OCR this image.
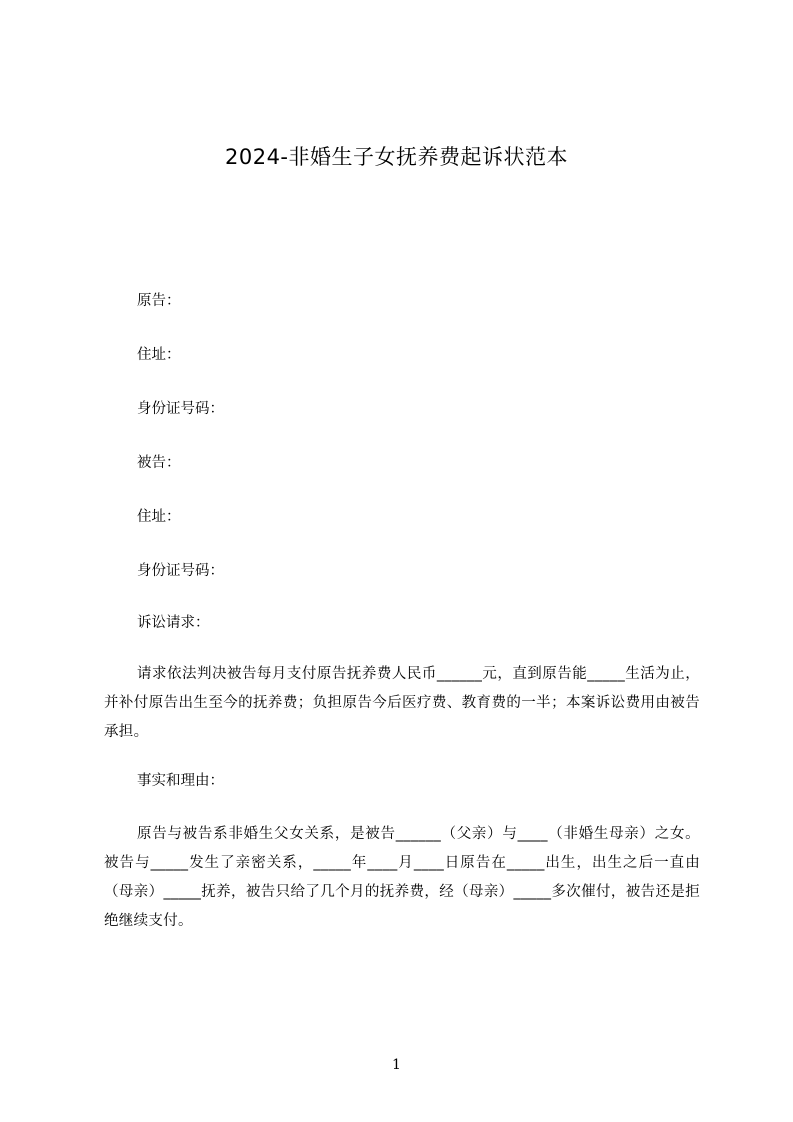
2024-非婚生子女抚养费起诉状范本
原告：
住址：
身份证号码：
被告：
住址：
身份证号码：
诉讼请求：
请求依法判决被告每月支付原告抚养费人民币______元，直到原告能_____生活为止，并补付原告出生至今的抚养费；负担原告今后医疗费、教育费的一半；本案诉讼费用由被告承担。
事实和理由：
原告与被告系非婚生父女关系，是被告______（父亲）与____（非婚生母亲）之女。被告与_____发生了亲密关系，_____年____月____日原告在_____出生，出生之后一直由（母亲）_____抚养，被告只给了几个月的抚养费，经（母亲）_____多次催付，被告还是拒绝继续支付。
1
